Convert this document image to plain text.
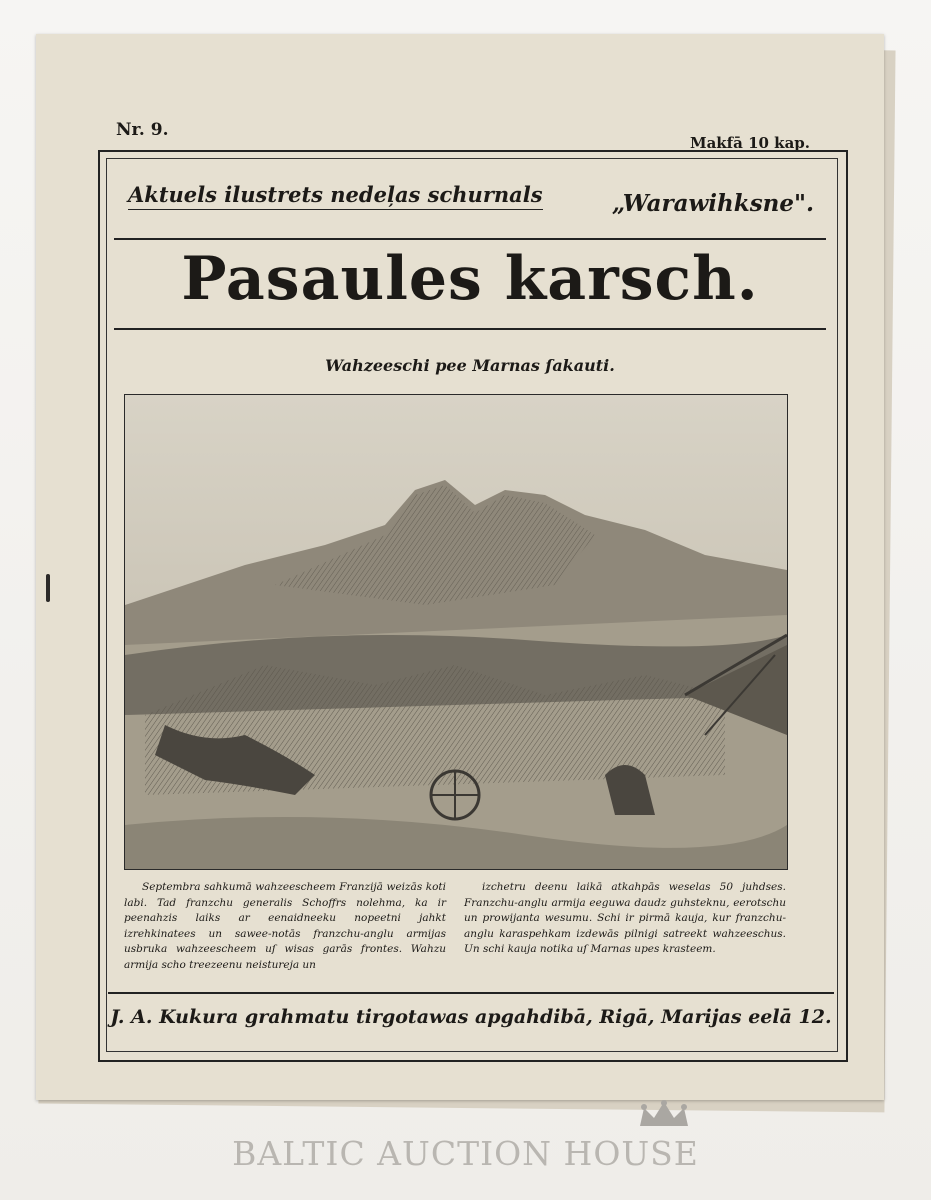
Nr. 9.
Makfā 10 kap.
Aktuels ilustrets nedeļas schurnals	„Warawihksne".
Pasaules karsch.
Wahzeeschi pee Marnas ſakauti.
Septembra sahkumā wahzeescheem Franzijā weizās koti labi. Tad franzchu generalis Schoffrs nolehma, ka ir peenahzis laiks ar eenaidneeku nopeetni jahkt izrehkinatees un sawee-notās franzchu-anglu armijas usbruka wahzeescheem uſ wisas garās frontes. Wahzu armija scho treezeenu neistureja un
izchetru deenu laikā atkahpās weselas 50 juhdses. Franzchu-anglu armija eeguwa daudz guhsteknu, eerotschu un prowijanta wesumu. Schi ir pirmā kauja, kur franzchu-anglu karaspehkam izdewās pilnigi satreekt wahzeeschus. Un schi kauja notika uſ Marnas upes krasteem.
J. A. Kukura grahmatu tirgotawas apgahdibā, Rigā, Marijas eelā 12.
BALTIC AUCTION HOUSE
